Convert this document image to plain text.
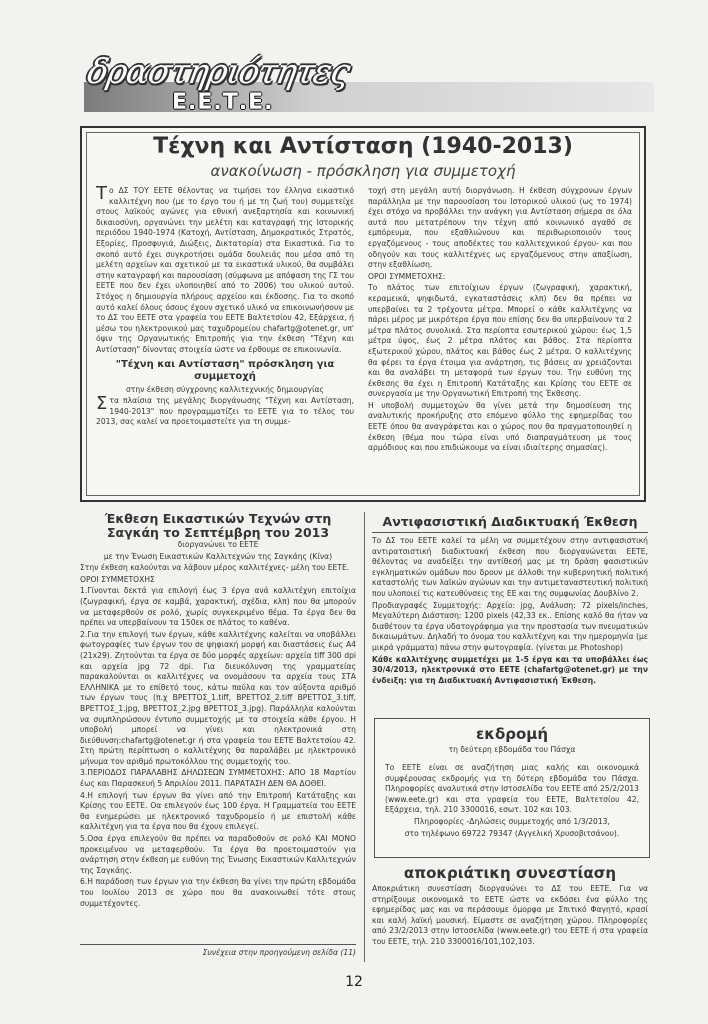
δραστηριότητες
Ε.Ε.Τ.Ε.
Τέχνη και Αντίσταση (1940-2013)
ανακοίνωση - πρόσκληση για συμμετοχή

Το ΔΣ ΤΟΥ ΕΕΤΕ θέλοντας να τιμήσει τον έλληνα εικαστικό καλλιτέχνη που (με το έργο του ή με τη ζωή του) συμμετείχε στους λαϊκούς αγώνες για εθνική ανεξαρτησία και κοινωνική δικαιοσύνη, οργανώνει την μελέτη και καταγραφή της Ιστορικής περιόδου 1940-1974 (Κατοχή, Αντίσταση, Δημοκρατικός Στρατός, Εξορίες, Προσφυγιά, Διώξεις, Δικτατορία) στα Εικαστικά. Για το σκοπό αυτό έχει συγκροτήσει ομάδα δουλειάς που μέσα από τη μελέτη αρχείων και σχετικού με τα εικαστικά υλικού, θα συμβάλει στην καταγραφή και παρουσίαση (σύμφωνα με απόφαση της ΓΣ του ΕΕΤΕ που δεν έχει υλοποιηθεί από το 2006) του υλικού αυτού. Στόχος η δημιουργία πλήρους αρχείου και έκδοσης. Για το σκοπό αυτό καλεί όλους όσους έχουν σχετικό υλικό να επικοινωνήσουν με το ΔΣ του ΕΕΤΕ στα γραφεία του ΕΕΤΕ Βαλτετσίου 42, Εξάρχεια, ή μέσω του ηλεκτρονικού μας ταχυδρομείου chafartg@otenet.gr, υπ' όψιν της Οργανωτικής Επιτροπής για την έκθεση "Τέχνη και Αντίσταση" δίνοντας στοιχεία ώστε να έρθουμε σε επικοινωνία.

"Τέχνη και Αντίσταση" πρόσκληση για συμμετοχή

στην έκθεση σύγχρονης καλλιτεχνικής δημιουργίας

Στα πλαίσια της μεγάλης διοργάνωσης "Τέχνη και Αντίσταση, 1940-2013" που προγραμματίζει το ΕΕΤΕ για το τέλος του 2013, σας καλεί να προετοιμαστείτε για τη συμμε-

τοχή στη μεγάλη αυτή διοργάνωση. Η έκθεση σύγχρονων έργων παράλληλα με την παρουσίαση του Ιστορικού υλικού (ως το 1974) έχει στόχο να προβάλλει την ανάγκη για Αντίσταση σήμερα σε όλα αυτά που μετατρέπουν την τέχνη από κοινωνικό αγαθό σε εμπόρευμα, που εξαθλιώνουν και περιθωριοποιούν τους εργαζόμενους - τους αποδέκτες του καλλιτεχνικού έργου- και που οδηγούν και τους καλλιτέχνες ως εργαζόμενους στην απαξίωση, στην εξαθλίωση.

ΟΡΟΙ ΣΥΜΜΕΤΟΧΗΣ:

Το πλάτος των επιτοίχιων έργων (ζωγραφική, χαρακτική, κεραμεικά, ψηφιδωτά, εγκαταστάσεις κλπ) δεν θα πρέπει να υπερβαίνει τα 2 τρέχοντα μέτρα. Μπορεί ο κάθε καλλιτέχνης να πάρει μέρος με μικρότερα έργα που επίσης δεν θα υπερβαίνουν τα 2 μέτρα πλάτος συνολικά. Στα περίοπτα εσωτερικού χώρου: έως 1,5 μέτρα ύψος, έως 2 μέτρα πλάτος και βάθος. Στα περίοπτα εξωτερικού χώρου, πλάτος και βάθος έως 2 μέτρα. Ο καλλιτέχνης θα φέρει τα έργα έτοιμα για ανάρτηση, τις βάσεις αν χρειάζονται και θα αναλάβει τη μεταφορά των έργων του. Την ευθύνη της έκθεσης θα έχει η Επιτροπή Κατάταξης και Κρίσης του ΕΕΤΕ σε συνεργασία με την Οργανωτική Επιτροπή της Έκθεσης.

Η υποβολή συμμετοχών θα γίνει μετά την δημοσίευση της αναλυτικής προκήρυξης στο επόμενο φύλλο της εφημερίδας του ΕΕΤΕ όπου θα αναγράφεται και ο χώρος που θα πραγματοποιηθεί η έκθεση (θέμα που τώρα είναι υπό διαπραγμάτευση με τους αρμόδιους και που επιδιώκουμε να είναι ιδιαίτερης σημασίας).

Έκθεση Εικαστικών Τεχνών στη Σαγκάη το Σεπτέμβρη του 2013

διοργανώνει το ΕΕΤΕ

με την Ένωση Εικαστικών Καλλιτεχνών της Σαγκάης (Κίνα)

Στην έκθεση καλούνται να λάβουν μέρος καλλιτέχνες- μέλη του ΕΕΤΕ.

ΟΡΟΙ ΣΥΜΜΕΤΟΧΗΣ

1.Γίνονται δεκτά για επιλογή έως 3 έργα ανά καλλιτέχνη επιτοίχια (ζωγραφική, έργα σε καμβά, χαρακτική, σχέδια, κλπ) που θα μπορούν να μεταφερθούν σε ρολό, χωρίς συγκεκριμένο θέμα. Τα έργα δεν θα πρέπει να υπερβαίνουν τα 150εκ σε πλάτος το καθένα.

2.Για την επιλογή των έργων, κάθε καλλιτέχνης καλείται να υποβάλλει φωτογραφίες των έργων του σε ψηφιακή μορφή και διαστάσεις έως Α4 (21x29). Ζητούνται τα έργα σε δύο μορφές αρχείων: αρχεία tiff 300 dpi και αρχεία jpg 72 dpi. Για διευκόλυνση της γραμματείας παρακαλούνται οι καλλιτέχνες να ονομάσουν τα αρχεία τους ΣΤΑ ΕΛΛΗΝΙΚΑ με το επίθετό τους, κάτω παύλα και τον αύξοντα αριθμό των έργων τους (π.χ ΒΡΕΤΤΟΣ_1.tiff, ΒΡΕΤΤΟΣ_2.tiff ΒΡΕΤΤΟΣ_3.tiff, ΒΡΕΤΤΟΣ_1.jpg, ΒΡΕΤΤΟΣ_2.jpg ΒΡΕΤΤΟΣ_3.jpg). Παράλληλα καλούνται να συμπληρώσουν έντυπο συμμετοχής με τα στοιχεία κάθε έργου. Η υποβολή μπορεί να γίνει και ηλεκτρονικά στη διεύθυνση:chafartg@otenet.gr ή στα γραφεία του ΕΕΤΕ Βαλτετσίου 42. Στη πρώτη περίπτωση ο καλλιτέχνης θα παραλάβει με ηλεκτρονικό μήνυμα τον αριθμό πρωτοκόλλου της συμμετοχής του.

3.ΠΕΡΙΟΔΟΣ ΠΑΡΑΛΑΒΗΣ ΔΗΛΩΣΕΩΝ ΣΥΜΜΕΤΟΧΗΣ: ΑΠΟ 18 Μαρτίου έως και Παρασκευή 5 Απριλίου 2011. ΠΑΡΑΤΑΣΗ ΔΕΝ ΘΑ ΔΟΘΕΙ.

4.Η επιλογή των έργων θα γίνει από την Επιτροπή Κατάταξης και Κρίσης του ΕΕΤΕ. Οα επιλεγούν έως 100 έργα. Η Γραμματεία του ΕΕΤΕ θα ενημερώσει με ηλεκτρονικό ταχυδρομείο ή με επιστολή κάθε καλλιτέχνη για τα έργα που θα έχουν επιλεγεί.

5.Οσα έργα επιλεγούν θα πρέπει να παραδοθούν σε ρολό ΚΑΙ ΜΟΝΟ προκειμένου να μεταφερθούν. Τα έργα θα προετοιμαστούν για ανάρτηση στην έκθεση με ευθύνη της Ένωσης Εικαστικών Καλλιτεχνών της Σαγκάης.

6.Η παράδοση των έργων για την έκθεση θα γίνει την πρώτη εβδομάδα του Ιουλίου 2013 σε χώρο που θα ανακοινωθεί τότε στους συμμετέχοντες.

Συνέχεια στην προηγούμενη σελίδα (11)
Αντιφασιστική Διαδικτυακή Έκθεση

Το ΔΣ του ΕΕΤΕ καλεί τα μέλη να συμμετέχουν στην αντιφασιστική αντιρατσιστική διαδικτυακή έκθεση που διοργανώνεται ΕΕΤΕ, θέλοντας να αναδείξει την αντίθεσή μας με τη δράση φασιστικών εγκληματικών ομάδων που δρουν με άλλοθι την κυβερνητική πολιτική καταστολής των λαϊκών αγώνων και την αντιμεταναστευτική πολιτική που υλοποιεί τις κατευθύνσεις της ΕΕ και της συμφωνίας Δουβλίνο 2.

Προδιαγραφές Συμμετοχής: Αρχείο: jpg, Ανάλυση: 72 pixels/inches, Μεγαλύτερη Διάσταση: 1200 pixels (42,33 εκ.. Επίσης καλό θα ήταν να διαθέτουν τα έργα υδατογράφημα για την προστασία των πνευματικών δικαιωμάτων. Δηλαδή το όνομα του καλλιτέχνη και την ημερομηνία (με μικρά γράμματα) πάνω στην φωτογραφία. (γίνεται με Photoshop)

Κάθε καλλιτέχνης συμμετέχει με 1-5 έργα και τα υποβάλλει έως 30/4/2013, ηλεκτρονικά στο ΕΕΤΕ (chafartg@otenet.gr) με την ένδειξη: για τη Διαδικτυακή Αντιφασιστική Έκθεση.

εκδρομή
τη δεύτερη εβδομάδα του Πάσχα

Το ΕΕΤΕ είναι σε αναζήτηση μιας καλής και οικονομικά συμφέρουσας εκδρομής για τη δύτερη εβδομάδα του Πάσχα. Πληροφορίες αναλυτικά στην Ιστοσελίδα του ΕΕΤΕ από 25/2/2013 (www.eete.gr) και στα γραφεία του ΕΕΤΕ, Βαλτετσίου 42, Εξάρχεια, τηλ. 210 3300016, εσωτ. 102 και 103.

Πληροφορίες -Δηλώσεις συμμετοχής από 1/3/2013,

στο τηλέφωνο 69722 79347 (Αγγελική Χρυσοβιτσάνου).

αποκριάτικη συνεστίαση

Αποκριάτικη συνεστίαση διοργανώνει το ΔΣ του ΕΕΤΕ. Για να στηρίξουμε οικονομικά το ΕΕΤΕ ώστε να εκδόσει ένα φύλλο της εφημερίδας μας και να περάσουμε όμορφα με Σπιτικό Φαγητό, κρασί και καλή λαϊκή μουσική. Είμαστε σε αναζήτηση χώρου. Πληροφορίες από 23/2/2013 στην Ιστοσελίδα (www.eete.gr) του ΕΕΤΕ ή στα γραφεία του ΕΕΤΕ, τηλ. 210 3300016/101,102,103.

12
